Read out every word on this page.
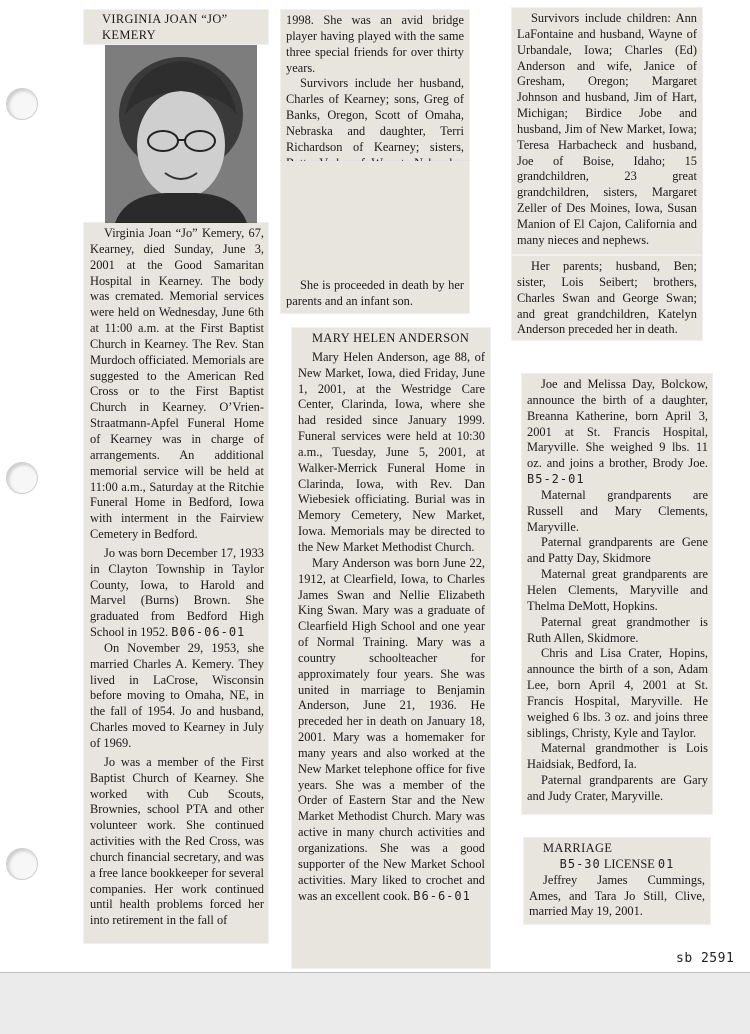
VIRGINIA JOAN “JO”

KEMERY

Virginia Joan “Jo” Kemery, 67, Kearney, died Sunday, June 3, 2001 at the Good Samaritan Hospital in Kearney. The body was cremated. Memorial services were held on Wednesday, June 6th at 11:00 a.m. at the First Baptist Church in Kearney. The Rev. Stan Murdoch officiated. Memorials are suggested to the American Red Cross or to the First Baptist Church in Kearney. O’Vrien-Straatmann-Apfel Funeral Home of Kearney was in charge of arrangements. An additional memorial service will be held at 11:00 a.m., Saturday at the Ritchie Funeral Home in Bedford, Iowa with interment in the Fairview Cemetery in Bedford.

Jo was born December 17, 1933 in Clayton Township in Taylor County, Iowa, to Harold and Marvel (Burns) Brown. She graduated from Bedford High School in 1952. B06-06-01

On November 29, 1953, she married Charles A. Kemery. They lived in LaCrose, Wisconsin before moving to Omaha, NE, in the fall of 1954. Jo and husband, Charles moved to Kearney in July of 1969.

Jo was a member of the First Baptist Church of Kearney. She worked with Cub Scouts, Brownies, school PTA and other volunteer work. She continued activities with the Red Cross, was church financial secretary, and was a free lance bookkeeper for several companies. Her work continued until health problems forced her into retirement in the fall of

1998. She was an avid bridge player having played with the same three special friends for over thirty years.

Survivors include her husband, Charles of Kearney; sons, Greg of Banks, Oregon, Scott of Omaha, Nebraska and daughter, Terri Richardson of Kearney; sisters,

She is proceeded in death by her parents and an infant son.

MARY HELEN ANDERSON

Mary Helen Anderson, age 88, of New Market, Iowa, died Friday, June 1, 2001, at the Westridge Care Center, Clarinda, Iowa, where she had resided since January 1999. Funeral services were held at 10:30 a.m., Tuesday, June 5, 2001, at Walker-Merrick Funeral Home in Clarinda, Iowa, with Rev. Dan Wiebesiek officiating. Burial was in Memory Cemetery, New Market, Iowa. Memorials may be directed to the New Market Methodist Church.

Mary Anderson was born June 22, 1912, at Clearfield, Iowa, to Charles James Swan and Nellie Elizabeth King Swan. Mary was a graduate of Clearfield High School and one year of Normal Training. Mary was a country schoolteacher for approximately four years. She was united in marriage to Benjamin Anderson, June 21, 1936. He preceded her in death on January 18, 2001. Mary was a homemaker for many years and also worked at the New Market telephone office for five years. She was a member of the Order of Eastern Star and the New Market Methodist Church. Mary was active in many church activities and organizations. She was a good supporter of the New Market School activities. Mary liked to crochet and was an excellent cook. B6-6-01

Survivors include children: Ann LaFontaine and husband, Wayne of Urbandale, Iowa; Charles (Ed) Anderson and wife, Janice of Gresham, Oregon; Margaret Johnson and husband, Jim of Hart, Michigan; Birdice Jobe and husband, Jim of New Market, Iowa; Teresa Harbacheck and husband, Joe of Boise, Idaho; 15 grandchildren, 23 great grandchildren, sisters, Margaret Zeller of Des Moines, Iowa, Susan Manion of El Cajon, California and many nieces and nephews.

Her parents; husband, Ben; sister, Lois Seibert; brothers, Charles Swan and George Swan; and great grandchildren, Katelyn Anderson preceded her in death.

Joe and Melissa Day, Bolckow, announce the birth of a daughter, Breanna Katherine, born April 3, 2001 at St. Francis Hospital, Maryville. She weighed 9 lbs. 11 oz. and joins a brother, Brody Joe. B5-2-01

Maternal grandparents are Russell and Mary Clements, Maryville.

Paternal grandparents are Gene and Patty Day, Skidmore

Maternal great grandparents are Helen Clements, Maryville and Thelma DeMott, Hopkins.

Paternal great grandmother is Ruth Allen, Skidmore.

Chris and Lisa Crater, Hopins, announce the birth of a son, Adam Lee, born April 4, 2001 at St. Francis Hospital, Maryville. He weighed 6 lbs. 3 oz. and joins three siblings, Christy, Kyle and Taylor.

Maternal grandmother is Lois Haidsiak, Bedford, Ia.

Paternal grandparents are Gary and Judy Crater, Maryville.

MARRIAGE

B5-30 LICENSE 01

Jeffrey James Cummings, Ames, and Tara Jo Still, Clive, married May 19, 2001.

sb 2591
